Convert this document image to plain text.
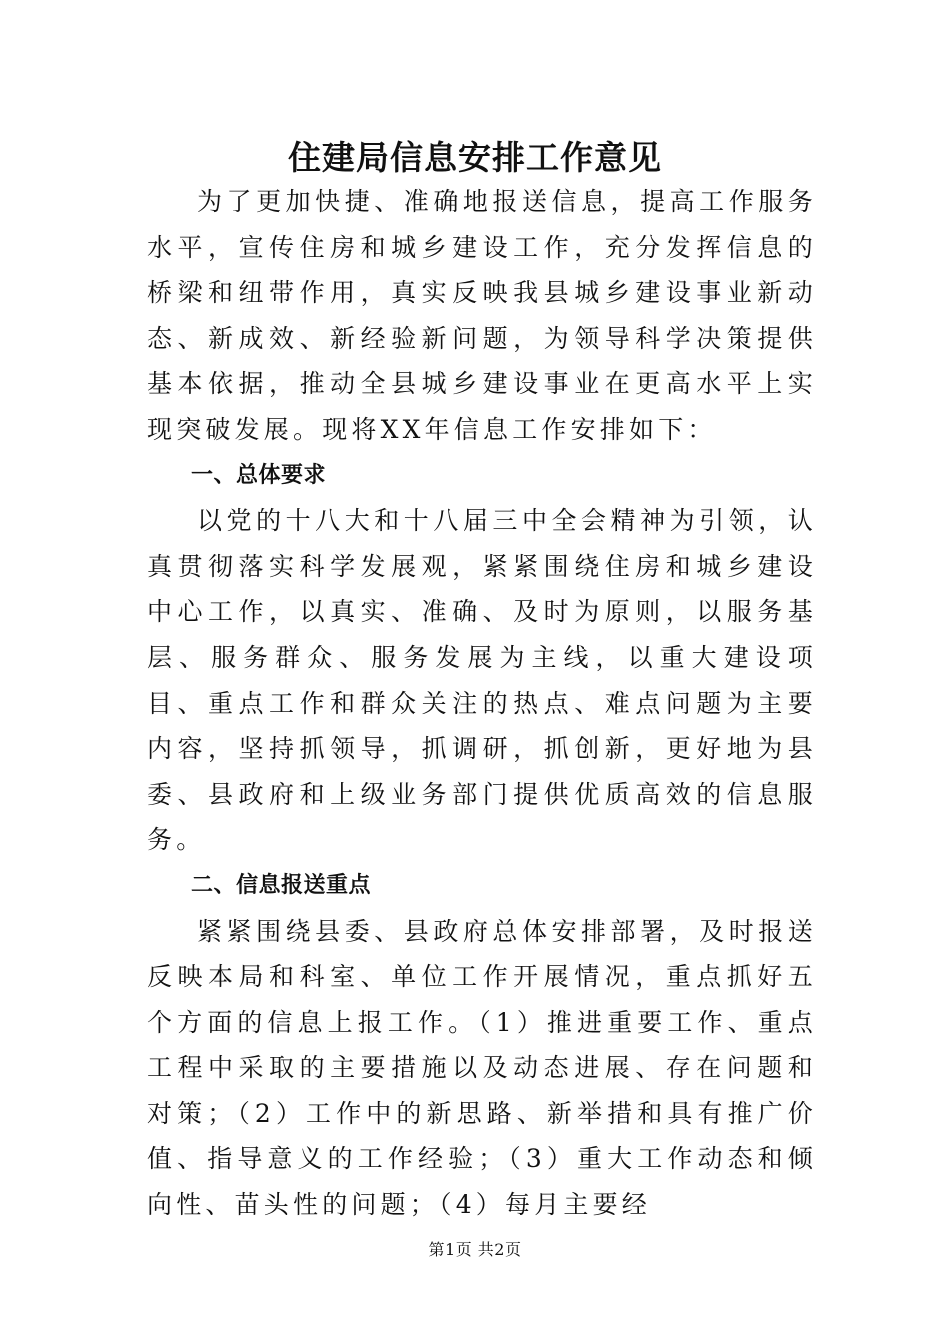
住建局信息安排工作意见

为了更加快捷、准确地报送信息，提高工作服务水平，宣传住房和城乡建设工作，充分发挥信息的桥梁和纽带作用，真实反映我县城乡建设事业新动态、新成效、新经验新问题，为领导科学决策提供基本依据，推动全县城乡建设事业在更高水平上实现突破发展。现将XX年信息工作安排如下：

一、总体要求

以党的十八大和十八届三中全会精神为引领，认真贯彻落实科学发展观，紧紧围绕住房和城乡建设中心工作，以真实、准确、及时为原则，以服务基层、服务群众、服务发展为主线，以重大建设项目、重点工作和群众关注的热点、难点问题为主要内容，坚持抓领导，抓调研，抓创新，更好地为县委、县政府和上级业务部门提供优质高效的信息服务。

二、信息报送重点

紧紧围绕县委、县政府总体安排部署，及时报送反映本局和科室、单位工作开展情况，重点抓好五个方面的信息上报工作。（1）推进重要工作、重点工程中采取的主要措施以及动态进展、存在问题和对策；（2）工作中的新思路、新举措和具有推广价值、指导意义的工作经验；（3）重大工作动态和倾向性、苗头性的问题；（4）每月主要经

第1页 共2页
